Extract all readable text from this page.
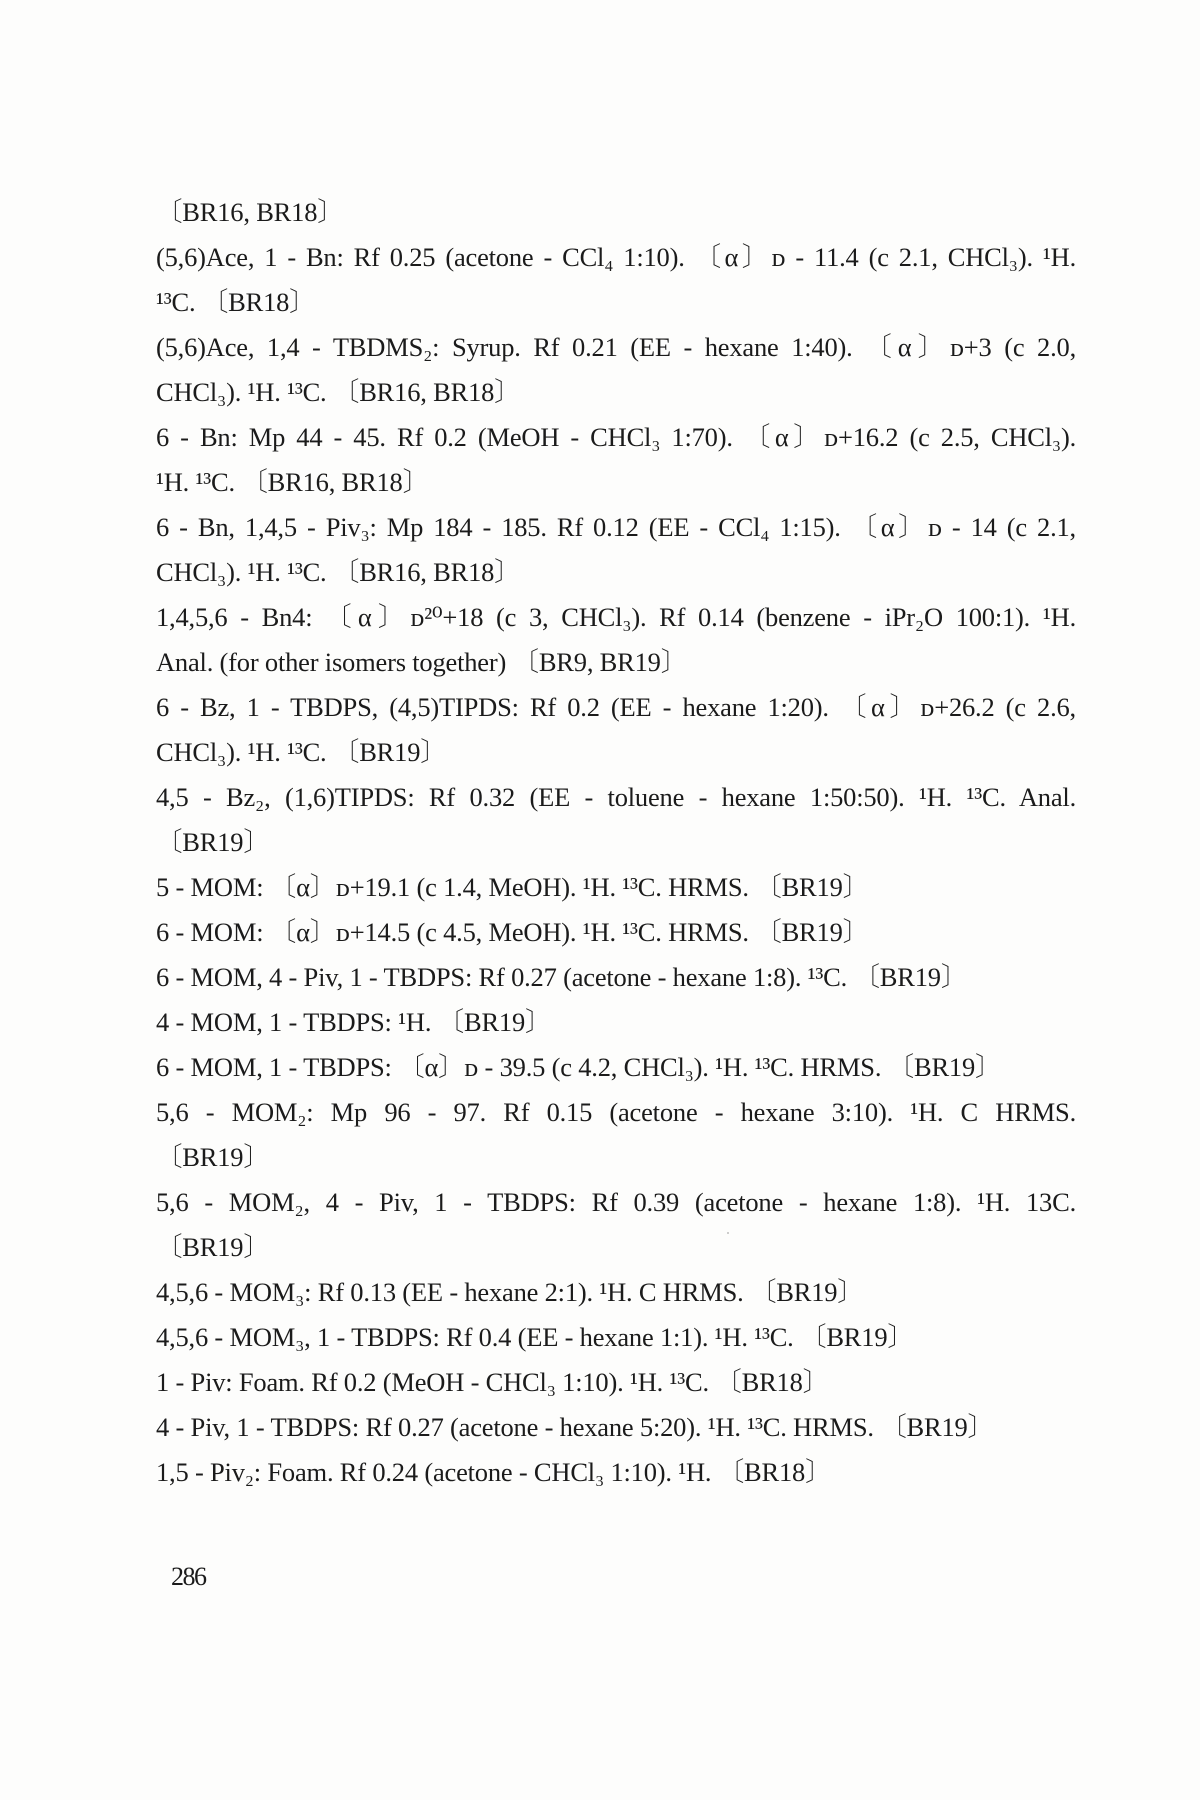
〔BR16, BR18〕
(5,6)Ace, 1 - Bn: Rf 0.25 (acetone - CCl₄ 1:10). 〔α〕ᴅ - 11.4 (c 2.1, CHCl₃). ¹H.
¹³C. 〔BR18〕
(5,6)Ace, 1,4 - TBDMS₂: Syrup. Rf 0.21 (EE - hexane 1:40). 〔α〕ᴅ+3 (c 2.0,
CHCl₃). ¹H. ¹³C. 〔BR16, BR18〕
6 - Bn: Mp 44 - 45. Rf 0.2 (MeOH - CHCl₃ 1:70). 〔α〕ᴅ+16.2 (c 2.5, CHCl₃).
¹H. ¹³C. 〔BR16, BR18〕
6 - Bn, 1,4,5 - Piv₃: Mp 184 - 185. Rf 0.12 (EE - CCl₄ 1:15). 〔α〕ᴅ - 14 (c 2.1,
CHCl₃). ¹H. ¹³C. 〔BR16, BR18〕
1,4,5,6 - Bn4: 〔α〕ᴅ²⁰+18 (c 3, CHCl₃). Rf 0.14 (benzene - iPr₂O 100:1). ¹H.
Anal. (for other isomers together) 〔BR9, BR19〕
6 - Bz, 1 - TBDPS, (4,5)TIPDS: Rf 0.2 (EE - hexane 1:20). 〔α〕ᴅ+26.2 (c 2.6,
CHCl₃). ¹H. ¹³C. 〔BR19〕
4,5 - Bz₂, (1,6)TIPDS: Rf 0.32 (EE - toluene - hexane 1:50:50). ¹H. ¹³C. Anal.
〔BR19〕
5 - MOM: 〔α〕ᴅ+19.1 (c 1.4, MeOH). ¹H. ¹³C. HRMS. 〔BR19〕
6 - MOM: 〔α〕ᴅ+14.5 (c 4.5, MeOH). ¹H. ¹³C. HRMS. 〔BR19〕
6 - MOM, 4 - Piv, 1 - TBDPS: Rf 0.27 (acetone - hexane 1:8). ¹³C. 〔BR19〕
4 - MOM, 1 - TBDPS: ¹H. 〔BR19〕
6 - MOM, 1 - TBDPS: 〔α〕ᴅ - 39.5 (c 4.2, CHCl₃). ¹H. ¹³C. HRMS. 〔BR19〕
5,6 - MOM₂: Mp 96 - 97. Rf 0.15 (acetone - hexane 3:10). ¹H. C HRMS.
〔BR19〕
5,6 - MOM₂, 4 - Piv, 1 - TBDPS: Rf 0.39 (acetone - hexane 1:8). ¹H. 13C.
〔BR19〕
4,5,6 - MOM₃: Rf 0.13 (EE - hexane 2:1). ¹H. C HRMS. 〔BR19〕
4,5,6 - MOM₃, 1 - TBDPS: Rf 0.4 (EE - hexane 1:1). ¹H. ¹³C. 〔BR19〕
1 - Piv: Foam. Rf 0.2 (MeOH - CHCl₃ 1:10). ¹H. ¹³C. 〔BR18〕
4 - Piv, 1 - TBDPS: Rf 0.27 (acetone - hexane 5:20). ¹H. ¹³C. HRMS. 〔BR19〕
1,5 - Piv₂: Foam. Rf 0.24 (acetone - CHCl₃ 1:10). ¹H. 〔BR18〕
286
